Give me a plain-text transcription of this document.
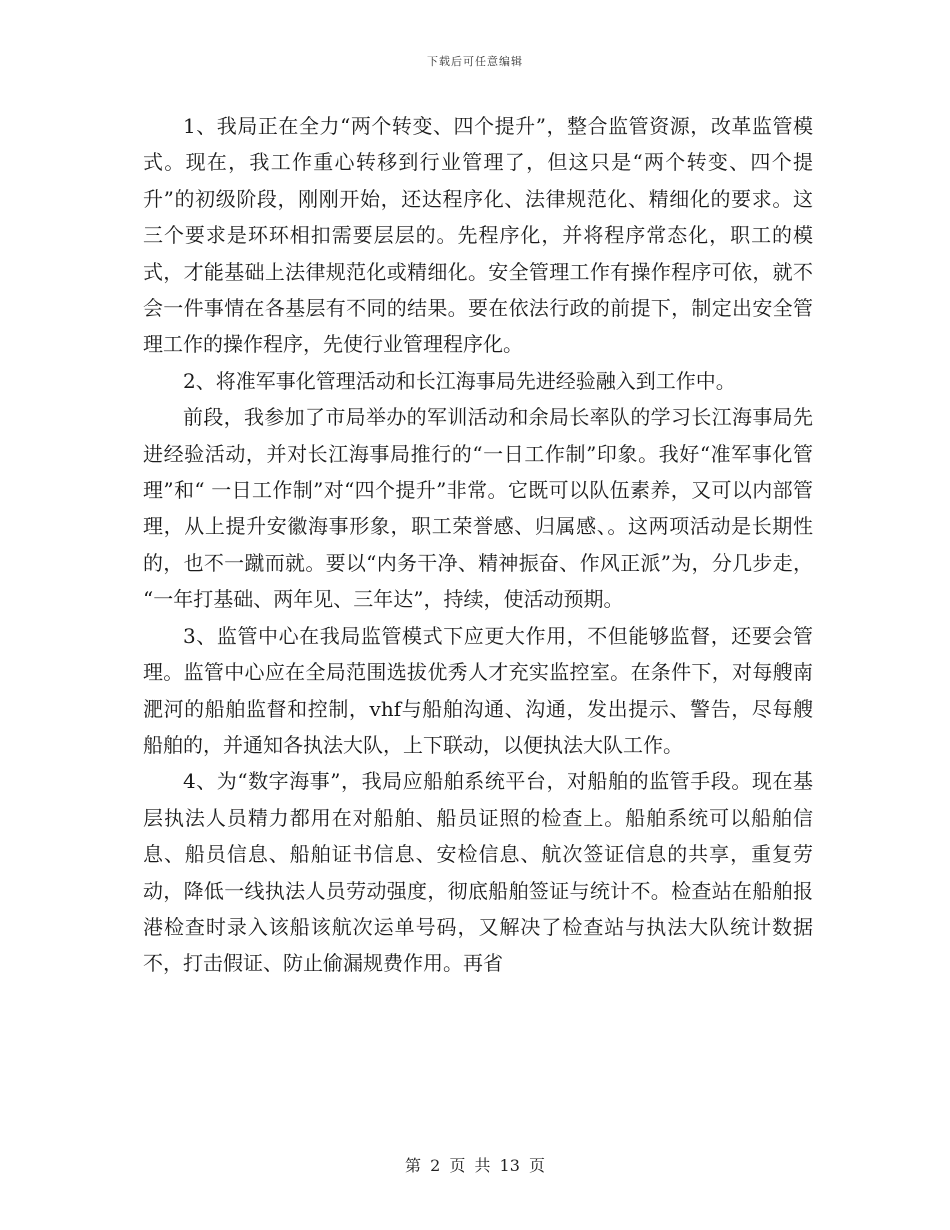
下载后可任意编辑

1、我局正在全力“两个转变、四个提升”，整合监管资源，改革监管模式。现在，我工作重心转移到行业管理了，但这只是“两个转变、四个提升”的初级阶段，刚刚开始，还达程序化、法律规范化、精细化的要求。这三个要求是环环相扣需要层层的。先程序化，并将程序常态化，职工的模式，才能基础上法律规范化或精细化。安全管理工作有操作程序可依，就不会一件事情在各基层有不同的结果。要在依法行政的前提下，制定出安全管理工作的操作程序，先使行业管理程序化。

2、将准军事化管理活动和长江海事局先进经验融入到工作中。

前段，我参加了市局举办的军训活动和余局长率队的学习长江海事局先进经验活动，并对长江海事局推行的“一日工作制”印象。我好“准军事化管理”和“ 一日工作制”对“四个提升”非常。它既可以队伍素养，又可以内部管理，从上提升安徽海事形象，职工荣誉感、归属感、。这两项活动是长期性的，也不一蹴而就。要以“内务干净、精神振奋、作风正派”为，分几步走， “一年打基础、两年见、三年达”，持续，使活动预期。

3、监管中心在我局监管模式下应更大作用，不但能够监督，还要会管理。监管中心应在全局范围选拔优秀人才充实监控室。在条件下，对每艘南淝河的船舶监督和控制，vhf与船舶沟通、沟通，发出提示、警告，尽每艘船舶的，并通知各执法大队，上下联动，以便执法大队工作。

4、为“数字海事”，我局应船舶系统平台，对船舶的监管手段。现在基层执法人员精力都用在对船舶、船员证照的检查上。船舶系统可以船舶信息、船员信息、船舶证书信息、安检信息、航次签证信息的共享，重复劳动，降低一线执法人员劳动强度，彻底船舶签证与统计不。检查站在船舶报港检查时录入该船该航次运单号码，又解决了检查站与执法大队统计数据不，打击假证、防止偷漏规费作用。再省

第 2 页 共 13 页
